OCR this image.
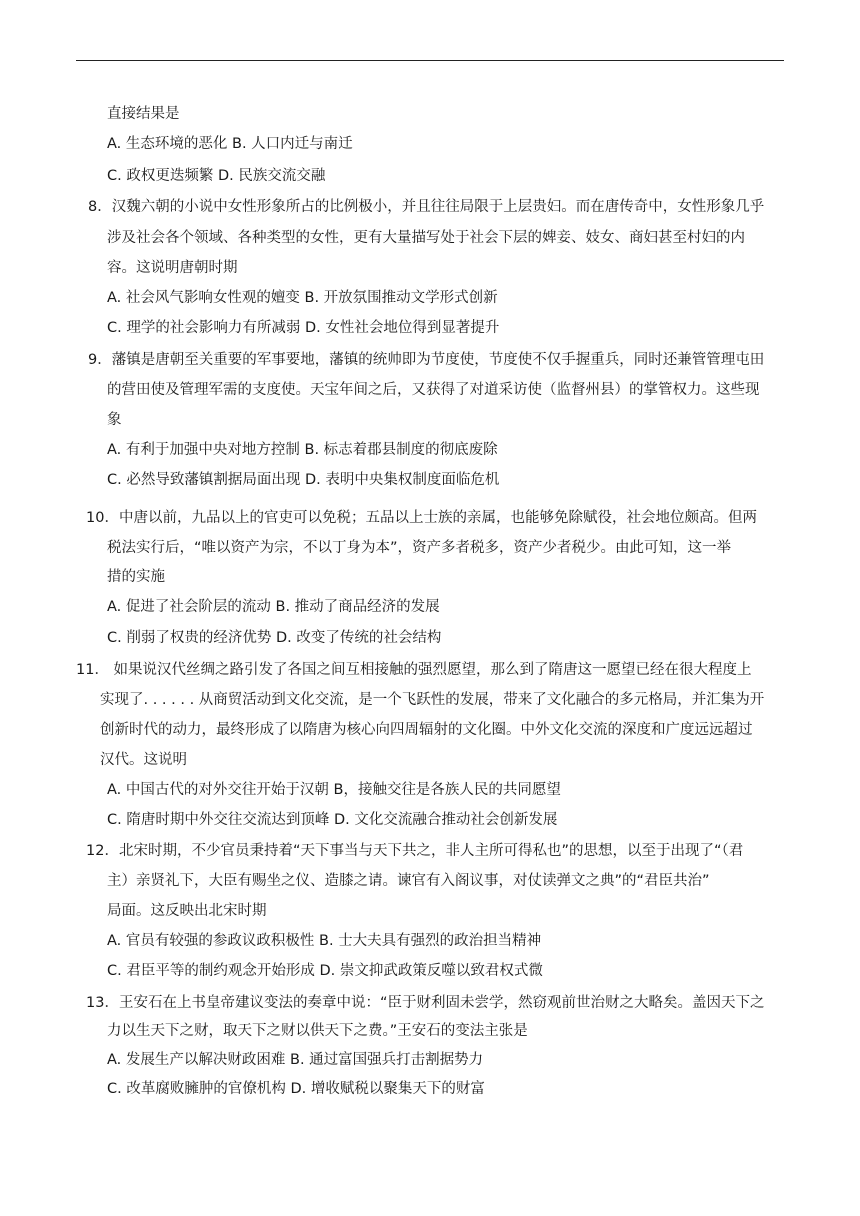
直接结果是
A. 生态环境的恶化 B. 人口内迁与南迁
C. 政权更迭频繁 D. 民族交流交融
8．汉魏六朝的小说中女性形象所占的比例极小，并且往往局限于上层贵妇。而在唐传奇中，女性形象几乎
涉及社会各个领域、各种类型的女性，更有大量描写处于社会下层的婢妾、妓女、商妇甚至村妇的内
容。这说明唐朝时期
A. 社会风气影响女性观的嬗变 B. 开放氛围推动文学形式创新
C. 理学的社会影响力有所减弱 D. 女性社会地位得到显著提升
9．藩镇是唐朝至关重要的军事要地，藩镇的统帅即为节度使，节度使不仅手握重兵，同时还兼管管理屯田
的营田使及管理军需的支度使。天宝年间之后，又获得了对道采访使（监督州县）的掌管权力。这些现
象
A. 有利于加强中央对地方控制 B. 标志着郡县制度的彻底废除
C. 必然导致藩镇割据局面出现 D. 表明中央集权制度面临危机
10．中唐以前，九品以上的官吏可以免税；五品以上士族的亲属，也能够免除赋役，社会地位颇高。但两
税法实行后，“唯以资产为宗，不以丁身为本”，资产多者税多，资产少者税少。由此可知，这一举
措的实施
A. 促进了社会阶层的流动 B. 推动了商品经济的发展
C. 削弱了权贵的经济优势 D. 改变了传统的社会结构
11． 如果说汉代丝绸之路引发了各国之间互相接触的强烈愿望，那么到了隋唐这一愿望已经在很大程度上
实现了. . . . . . 从商贸活动到文化交流，是一个飞跃性的发展，带来了文化融合的多元格局，并汇集为开
创新时代的动力，最终形成了以隋唐为核心向四周辐射的文化圈。中外文化交流的深度和广度远远超过
汉代。这说明
A. 中国古代的对外交往开始于汉朝 B，接触交往是各族人民的共同愿望
C. 隋唐时期中外交往交流达到顶峰 D. 文化交流融合推动社会创新发展
12．北宋时期，不少官员秉持着“天下事当与天下共之，非人主所可得私也”的思想，以至于出现了“（君
主）亲贤礼下，大臣有赐坐之仪、造膝之请。谏官有入阁议事，对仗读弹文之典”的“君臣共治”
局面。这反映出北宋时期
A. 官员有较强的参政议政积极性 B. 士大夫具有强烈的政治担当精神
C. 君臣平等的制约观念开始形成 D. 崇文抑武政策反噬以致君权式微
13．王安石在上书皇帝建议变法的奏章中说：“臣于财利固未尝学，然窃观前世治财之大略矣。盖因天下之
力以生天下之财，取天下之财以供天下之费。”王安石的变法主张是
A. 发展生产以解决财政困难 B. 通过富国强兵打击割据势力
C. 改革腐败臃肿的官僚机构 D. 增收赋税以聚集天下的财富
